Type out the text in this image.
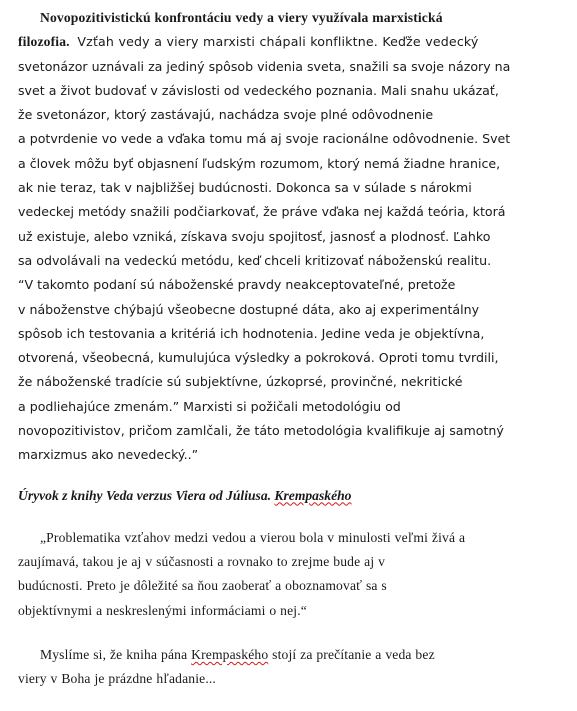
Novopozitivistickú konfrontáciu vedy a viery využívala marxistická
filozofia. Vzťah vedy a viery marxisti chápali konfliktne. Keďže vedecký
svetonázor uznávali za jediný spôsob videnia sveta, snažili sa svoje názory na
svet a život budovať v závislosti od vedeckého poznania. Mali snahu ukázať,
že svetonázor, ktorý zastávajú, nachádza svoje plné odôvodnenie
a potvrdenie vo vede a vďaka tomu má aj svoje racionálne odôvodnenie. Svet
a človek môžu byť objasnení ľudským rozumom, ktorý nemá žiadne hranice,
ak nie teraz, tak v najbližšej budúcnosti. Dokonca sa v súlade s nárokmi
vedeckej metódy snažili podčiarkovať, že práve vďaka nej každá teória, ktorá
už existuje, alebo vzniká, získava svoju spojitosť, jasnosť a plodnosť. Ľahko
sa odvolávali na vedeckú metódu, keď chceli kritizovať náboženskú realitu.
“V takomto podaní sú náboženské pravdy neakceptovateľné, pretože
v náboženstve chýbajú všeobecne dostupné dáta, ako aj experimentálny
spôsob ich testovania a kritériá ich hodnotenia. Jedine veda je objektívna,
otvorená, všeobecná, kumulujúca výsledky a pokroková. Oproti tomu tvrdili,
že náboženské tradície sú subjektívne, úzkoprsé, provinčné, nekritické
a podliehajúce zmenám.” Marxisti si požičali metodológiu od
novopozitivistov, pričom zamlčali, že táto metodológia kvalifikuje aj samotný
marxizmus ako nevedecký..”
Úryvok z knihy Veda verzus Viera od Júliusa. Krempaského
„Problematika vzťahov medzi vedou a vierou bola v minulosti veľmi živá a
zaujímavá, takou je aj v súčasnosti a rovnako to zrejme bude aj v
budúcnosti. Preto je dôležité sa ňou zaoberať a oboznamovať sa s
objektívnymi a neskreslenými informáciami o nej.“
Myslíme si, že kniha pána Krempaského stojí za prečítanie a veda bez
viery v Boha je prázdne hľadanie...
